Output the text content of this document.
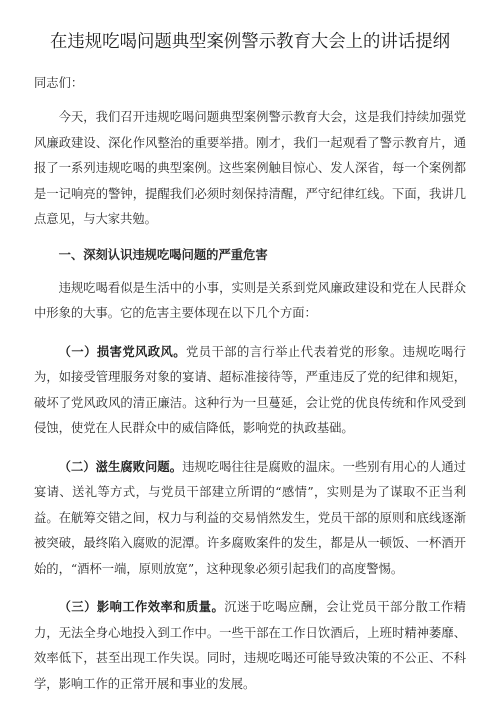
在违规吃喝问题典型案例警示教育大会上的讲话提纲

同志们：

今天，我们召开违规吃喝问题典型案例警示教育大会，这是我们持续加强党风廉政建设、深化作风整治的重要举措。刚才，我们一起观看了警示教育片，通报了一系列违规吃喝的典型案例。这些案例触目惊心、发人深省，每一个案例都是一记响亮的警钟，提醒我们必须时刻保持清醒，严守纪律红线。下面，我讲几点意见，与大家共勉。

一、深刻认识违规吃喝问题的严重危害

违规吃喝看似是生活中的小事，实则是关系到党风廉政建设和党在人民群众中形象的大事。它的危害主要体现在以下几个方面：

（一）损害党风政风。党员干部的言行举止代表着党的形象。违规吃喝行为，如接受管理服务对象的宴请、超标准接待等，严重违反了党的纪律和规矩，破坏了党风政风的清正廉洁。这种行为一旦蔓延，会让党的优良传统和作风受到侵蚀，使党在人民群众中的威信降低，影响党的执政基础。

（二）滋生腐败问题。违规吃喝往往是腐败的温床。一些别有用心的人通过宴请、送礼等方式，与党员干部建立所谓的“感情”，实则是为了谋取不正当利益。在觥筹交错之间，权力与利益的交易悄然发生，党员干部的原则和底线逐渐被突破，最终陷入腐败的泥潭。许多腐败案件的发生，都是从一顿饭、一杯酒开始的，“酒杯一端，原则放宽”，这种现象必须引起我们的高度警惕。

（三）影响工作效率和质量。沉迷于吃喝应酬，会让党员干部分散工作精力，无法全身心地投入到工作中。一些干部在工作日饮酒后，上班时精神萎靡、效率低下，甚至出现工作失误。同时，违规吃喝还可能导致决策的不公正、不科学，影响工作的正常开展和事业的发展。
